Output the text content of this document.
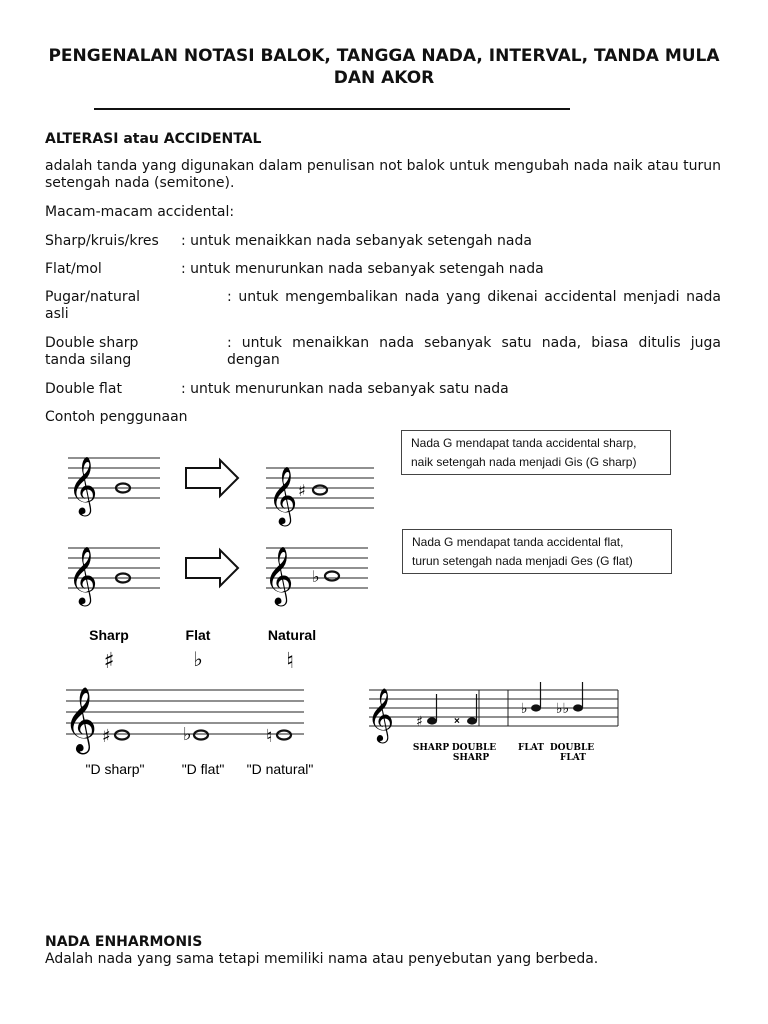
PENGENALAN NOTASI BALOK, TANGGA NADA, INTERVAL, TANDA MULA DAN AKOR

ALTERASI atau ACCIDENTAL

adalah tanda yang digunakan dalam penulisan not balok untuk mengubah nada naik atau turun setengah nada (semitone).

Macam-macam accidental:

Sharp/kruis/kres : untuk menaikkan nada sebanyak setengah nada
Flat/mol	: untuk menurunkan nada sebanyak setengah nada
Pugar/natural	: untuk mengembalikan nada yang dikenai accidental menjadi nada
asli
Double sharp	: untuk menaikkan nada sebanyak satu nada, biasa ditulis juga dengan
tanda silang
Double flat	: untuk menurunkan nada sebanyak satu nada

Contoh penggunaan

𝄞	𝄞 ♯
Nada G mendapat tanda accidental sharp,
naik setengah nada menjadi Gis (G sharp)
𝄞	𝄞 ♭
Nada G mendapat tanda accidental flat,
turun setengah nada menjadi Ges (G flat)
Sharp	Flat	Natural
♯	♭	♮
𝄞 ♯	♭	♮
"D sharp"	"D flat" "D natural"
𝄞 ♯	×
♭ ♭♭
SHARP DOUBLE
SHARP
FLAT DOUBLE
FLAT

NADA ENHARMONIS

Adalah nada yang sama tetapi memiliki nama atau penyebutan yang berbeda.
